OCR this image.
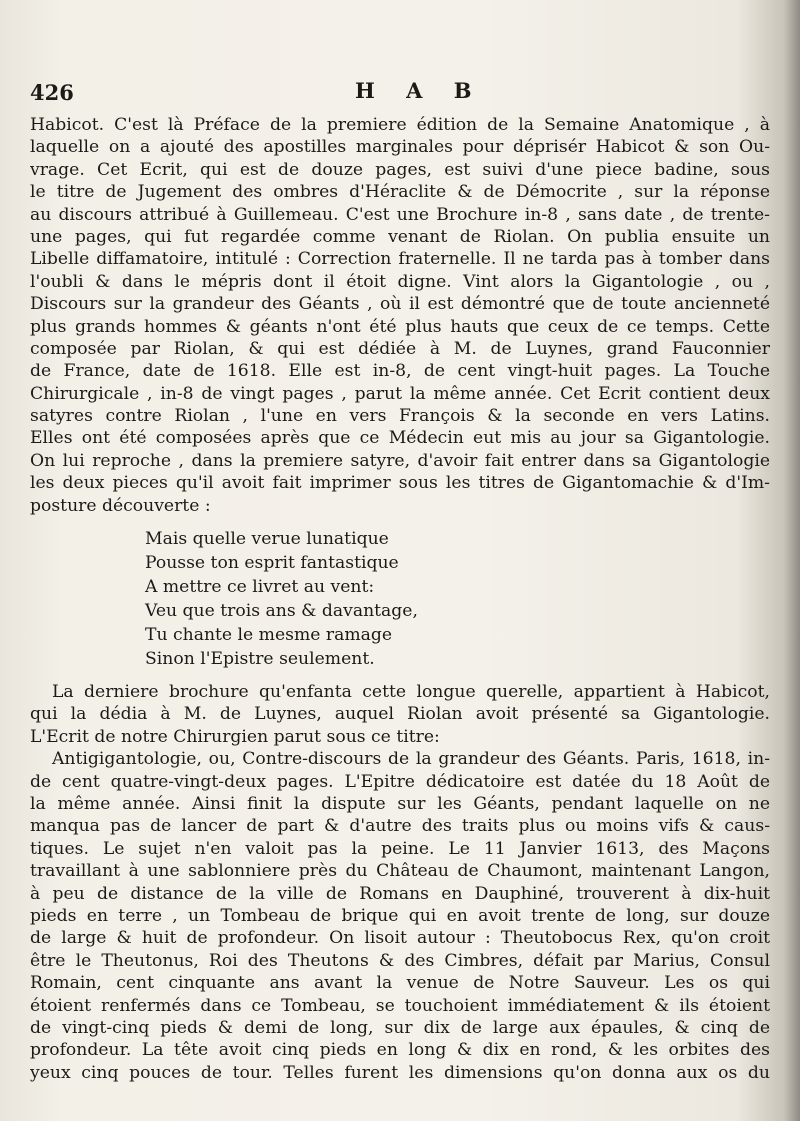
426	H A B
Habicot. C'est là Préface de la premiere édition de la Semaine Anatomique , à
laquelle on a ajouté des apostilles marginales pour déprisér Habicot & son Ou-
vrage. Cet Ecrit, qui est de douze pages, est suivi d'une piece badine, sous
le titre de Jugement des ombres d'Héraclite & de Démocrite , sur la réponse
au discours attribué à Guillemeau. C'est une Brochure in-8 , sans date , de trente-
une pages, qui fut regardée comme venant de Riolan. On publia ensuite un
Libelle diffamatoire, intitulé : Correction fraternelle. Il ne tarda pas à tomber dans
l'oubli & dans le mépris dont il étoit digne. Vint alors la Gigantologie , ou ,
Discours sur la grandeur des Géants , où il est démontré que de toute ancienneté
plus grands hommes & géants n'ont été plus hauts que ceux de ce temps. Cette
composée par Riolan, & qui est dédiée à M. de Luynes, grand Fauconnier
de France, date de 1618. Elle est in-8, de cent vingt-huit pages. La Touche
Chirurgicale , in-8 de vingt pages , parut la même année. Cet Ecrit contient deux
satyres contre Riolan , l'une en vers François & la seconde en vers Latins.
Elles ont été composées après que ce Médecin eut mis au jour sa Gigantologie.
On lui reproche , dans la premiere satyre, d'avoir fait entrer dans sa Gigantologie
les deux pieces qu'il avoit fait imprimer sous les titres de Gigantomachie & d'Im-
posture découverte :
Mais quelle verue lunatique
Pousse ton esprit fantastique
A mettre ce livret au vent:
Veu que trois ans & davantage,
Tu chante le mesme ramage
Sinon l'Epistre seulement.
La derniere brochure qu'enfanta cette longue querelle, appartient à Habicot,
qui la dédia à M. de Luynes, auquel Riolan avoit présenté sa Gigantologie.
L'Ecrit de notre Chirurgien parut sous ce titre:
Antigigantologie, ou, Contre-discours de la grandeur des Géants. Paris, 1618, in-
de cent quatre-vingt-deux pages. L'Epitre dédicatoire est datée du 18 Août de
la même année. Ainsi finit la dispute sur les Géants, pendant laquelle on ne
manqua pas de lancer de part & d'autre des traits plus ou moins vifs & caus-
tiques. Le sujet n'en valoit pas la peine. Le 11 Janvier 1613, des Maçons
travaillant à une sablonniere près du Château de Chaumont, maintenant Langon,
à peu de distance de la ville de Romans en Dauphiné, trouverent à dix-huit
pieds en terre , un Tombeau de brique qui en avoit trente de long, sur douze
de large & huit de profondeur. On lisoit autour : Theutobocus Rex, qu'on croit
être le Theutonus, Roi des Theutons & des Cimbres, défait par Marius, Consul
Romain, cent cinquante ans avant la venue de Notre Sauveur. Les os qui
étoient renfermés dans ce Tombeau, se touchoient immédiatement & ils étoient
de vingt-cinq pieds & demi de long, sur dix de large aux épaules, & cinq de
profondeur. La tête avoit cinq pieds en long & dix en rond, & les orbites des
yeux cinq pouces de tour. Telles furent les dimensions qu'on donna aux os du
